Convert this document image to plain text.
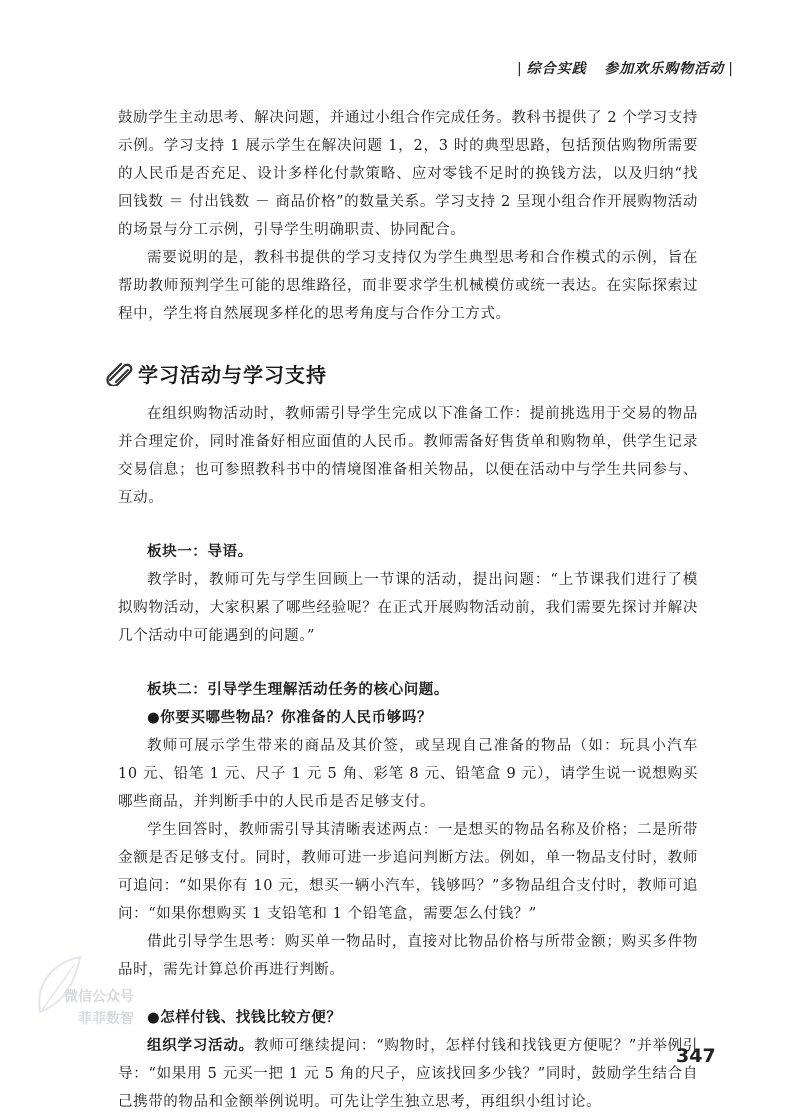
| 综合实践 参加欢乐购物活动 |

鼓励学生主动思考、解决问题，并通过小组合作完成任务。教科书提供了 2 个学习支持示例。学习支持 1 展示学生在解决问题 1，2，3 时的典型思路，包括预估购物所需要的人民币是否充足、设计多样化付款策略、应对零钱不足时的换钱方法，以及归纳“找回钱数 ＝ 付出钱数 － 商品价格”的数量关系。学习支持 2 呈现小组合作开展购物活动的场景与分工示例，引导学生明确职责、协同配合。

需要说明的是，教科书提供的学习支持仅为学生典型思考和合作模式的示例，旨在帮助教师预判学生可能的思维路径，而非要求学生机械模仿或统一表达。在实际探索过程中，学生将自然展现多样化的思考角度与合作分工方式。

学习活动与学习支持

在组织购物活动时，教师需引导学生完成以下准备工作：提前挑选用于交易的物品并合理定价，同时准备好相应面值的人民币。教师需备好售货单和购物单，供学生记录交易信息；也可参照教科书中的情境图准备相关物品，以便在活动中与学生共同参与、互动。

板块一：导语。

教学时，教师可先与学生回顾上一节课的活动，提出问题：“上节课我们进行了模拟购物活动，大家积累了哪些经验呢？在正式开展购物活动前，我们需要先探讨并解决几个活动中可能遇到的问题。”

板块二：引导学生理解活动任务的核心问题。
●你要买哪些物品？你准备的人民币够吗？

教师可展示学生带来的商品及其价签，或呈现自己准备的物品（如：玩具小汽车 10 元、铅笔 1 元、尺子 1 元 5 角、彩笔 8 元、铅笔盒 9 元），请学生说一说想购买哪些商品，并判断手中的人民币是否足够支付。

学生回答时，教师需引导其清晰表述两点：一是想买的物品名称及价格；二是所带金额是否足够支付。同时，教师可进一步追问判断方法。例如，单一物品支付时，教师可追问：“如果你有 10 元，想买一辆小汽车，钱够吗？”多物品组合支付时，教师可追问：“如果你想购买 1 支铅笔和 1 个铅笔盒，需要怎么付钱？”

借此引导学生思考：购买单一物品时，直接对比物品价格与所带金额；购买多件物品时，需先计算总价再进行判断。

●怎样付钱、找钱比较方便？

组织学习活动。教师可继续提问：“购物时，怎样付钱和找钱更方便呢？”并举例引导：“如果用 5 元买一把 1 元 5 角的尺子，应该找回多少钱？”同时，鼓励学生结合自己携带的物品和金额举例说明。可先让学生独立思考，再组织小组讨论。

微信公众号
菲菲数智
347
